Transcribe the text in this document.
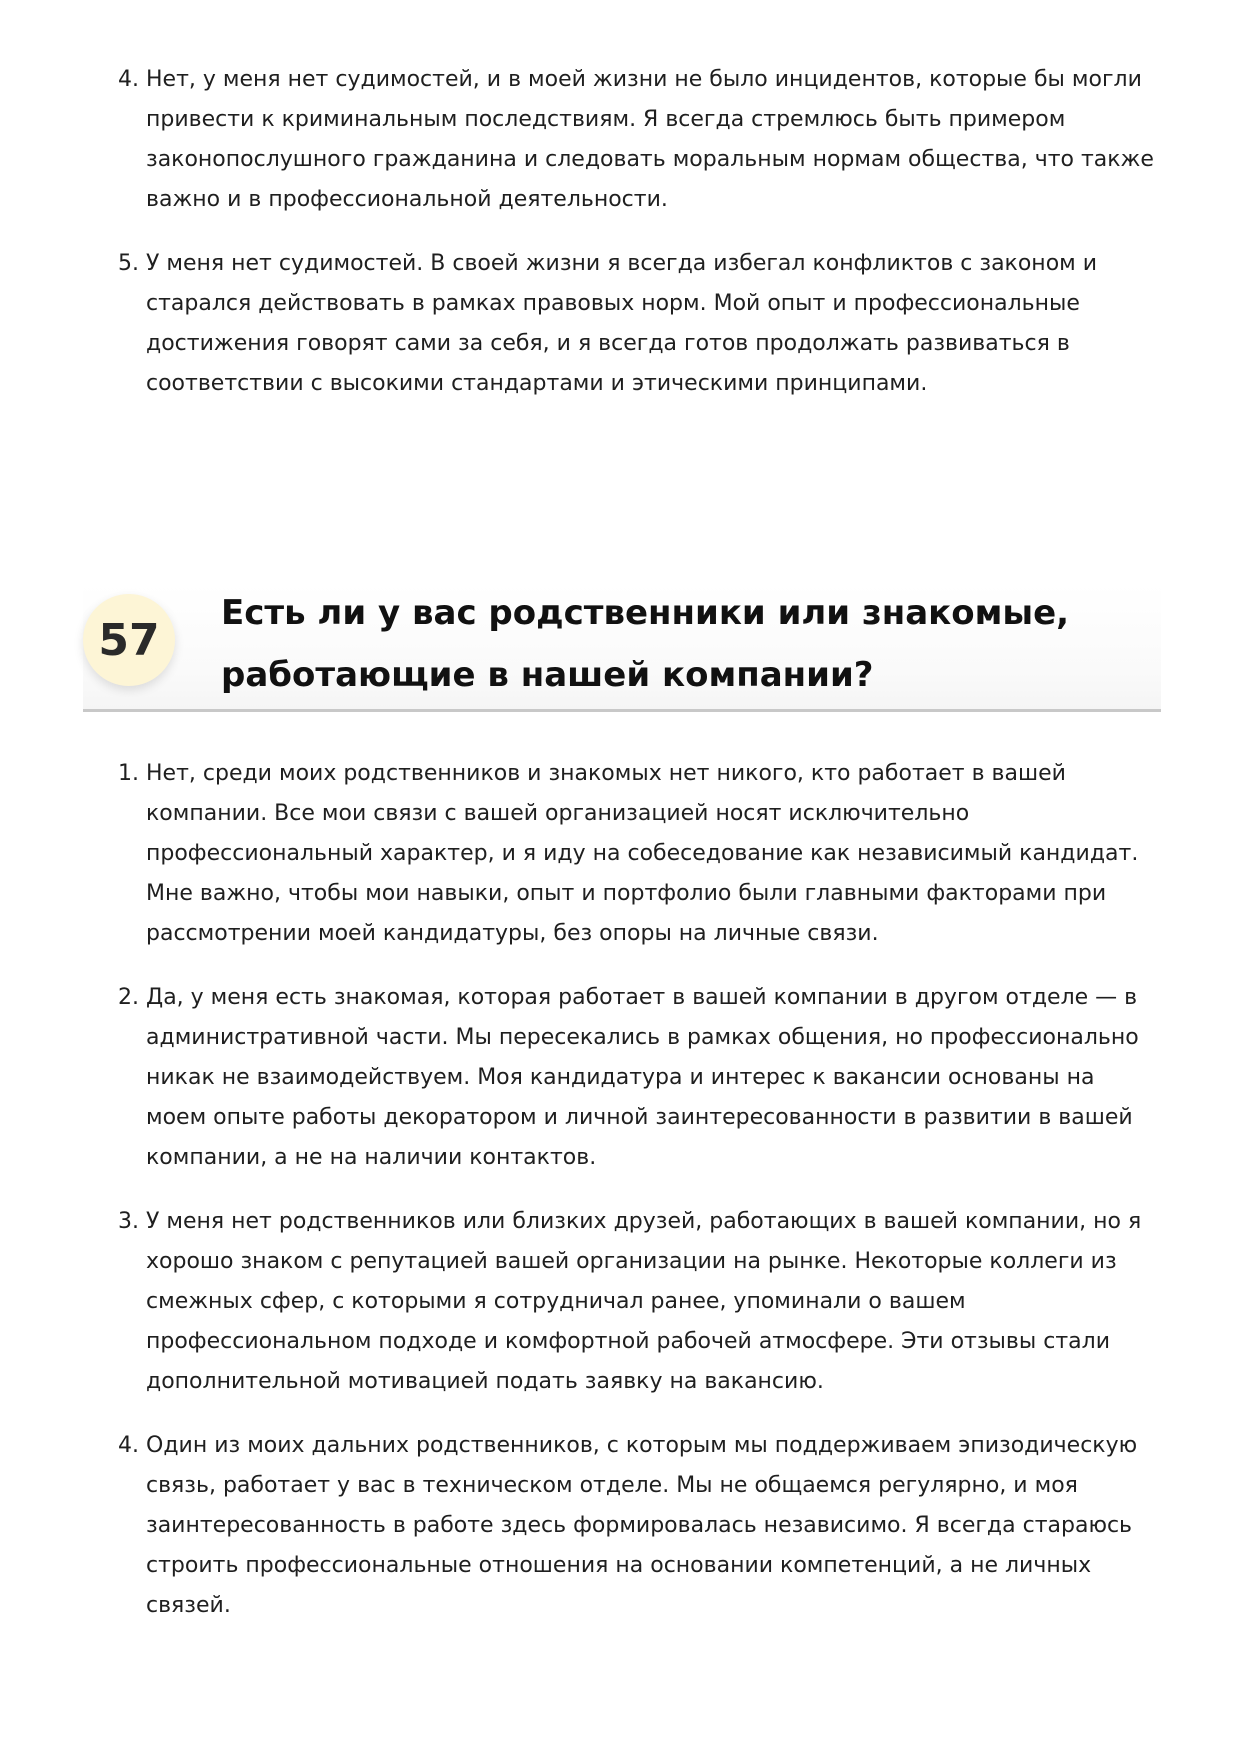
4. Нет, у меня нет судимостей, и в моей жизни не было инцидентов, которые бы могли привести к криминальным последствиям. Я всегда стремлюсь быть примером законопослушного гражданина и следовать моральным нормам общества, что также важно и в профессиональной деятельности.
5. У меня нет судимостей. В своей жизни я всегда избегал конфликтов с законом и старался действовать в рамках правовых норм. Мой опыт и профессиональные достижения говорят сами за себя, и я всегда готов продолжать развиваться в соответствии с высокими стандартами и этическими принципами.
57
Есть ли у вас родственники или знакомые, работающие в нашей компании?
1. Нет, среди моих родственников и знакомых нет никого, кто работает в вашей компании. Все мои связи с вашей организацией носят исключительно профессиональный характер, и я иду на собеседование как независимый кандидат. Мне важно, чтобы мои навыки, опыт и портфолио были главными факторами при рассмотрении моей кандидатуры, без опоры на личные связи.
2. Да, у меня есть знакомая, которая работает в вашей компании в другом отделе — в административной части. Мы пересекались в рамках общения, но профессионально никак не взаимодействуем. Моя кандидатура и интерес к вакансии основаны на моем опыте работы декоратором и личной заинтересованности в развитии в вашей компании, а не на наличии контактов.
3. У меня нет родственников или близких друзей, работающих в вашей компании, но я хорошо знаком с репутацией вашей организации на рынке. Некоторые коллеги из смежных сфер, с которыми я сотрудничал ранее, упоминали о вашем профессиональном подходе и комфортной рабочей атмосфере. Эти отзывы стали дополнительной мотивацией подать заявку на вакансию.
4. Один из моих дальних родственников, с которым мы поддерживаем эпизодическую связь, работает у вас в техническом отделе. Мы не общаемся регулярно, и моя заинтересованность в работе здесь формировалась независимо. Я всегда стараюсь строить профессиональные отношения на основании компетенций, а не личных связей.
